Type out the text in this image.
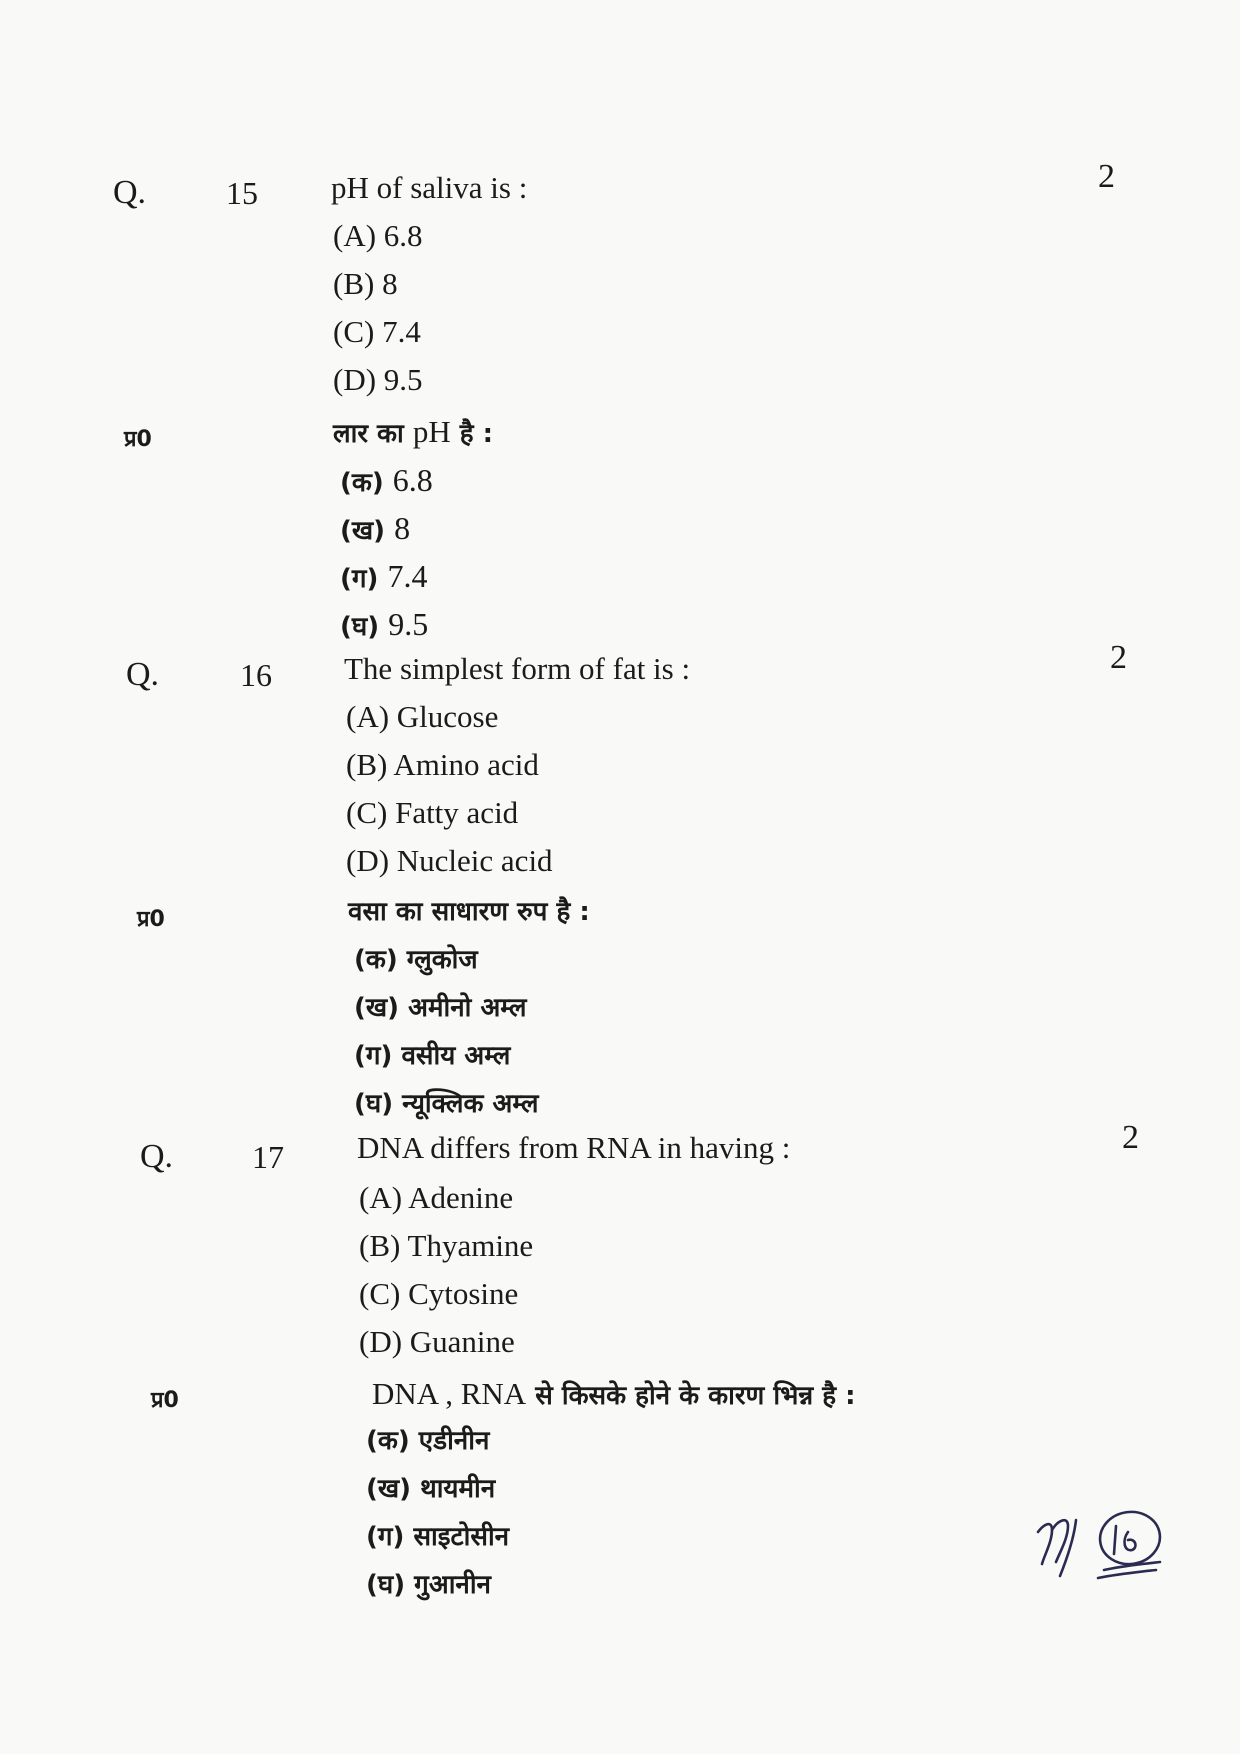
Q. 15 pH of saliva is :	2
(A) 6.8
(B) 8
(C) 7.4
(D) 9.5
प्र0	लार का pH है :
(क) 6.8
(ख) 8
(ग) 7.4
(घ) 9.5
Q.	16 The simplest form of fat is :	2
(A) Glucose
(B) Amino acid
(C) Fatty acid
(D) Nucleic acid
प्र0	वसा का साधारण रुप है :
(क) ग्लुकोज
(ख) अमीनो अम्ल
(ग) वसीय अम्ल
(घ) न्यूक्लिक अम्ल
Q. 17 DNA differs from RNA in having :	2
(A) Adenine
(B) Thyamine
(C) Cytosine
(D) Guanine
प्र0	DNA , RNA से किसके होने के कारण भिन्न है :
(क) एडीनीन
(ख) थायमीन
(ग) साइटोसीन
(घ) गुआनीन
